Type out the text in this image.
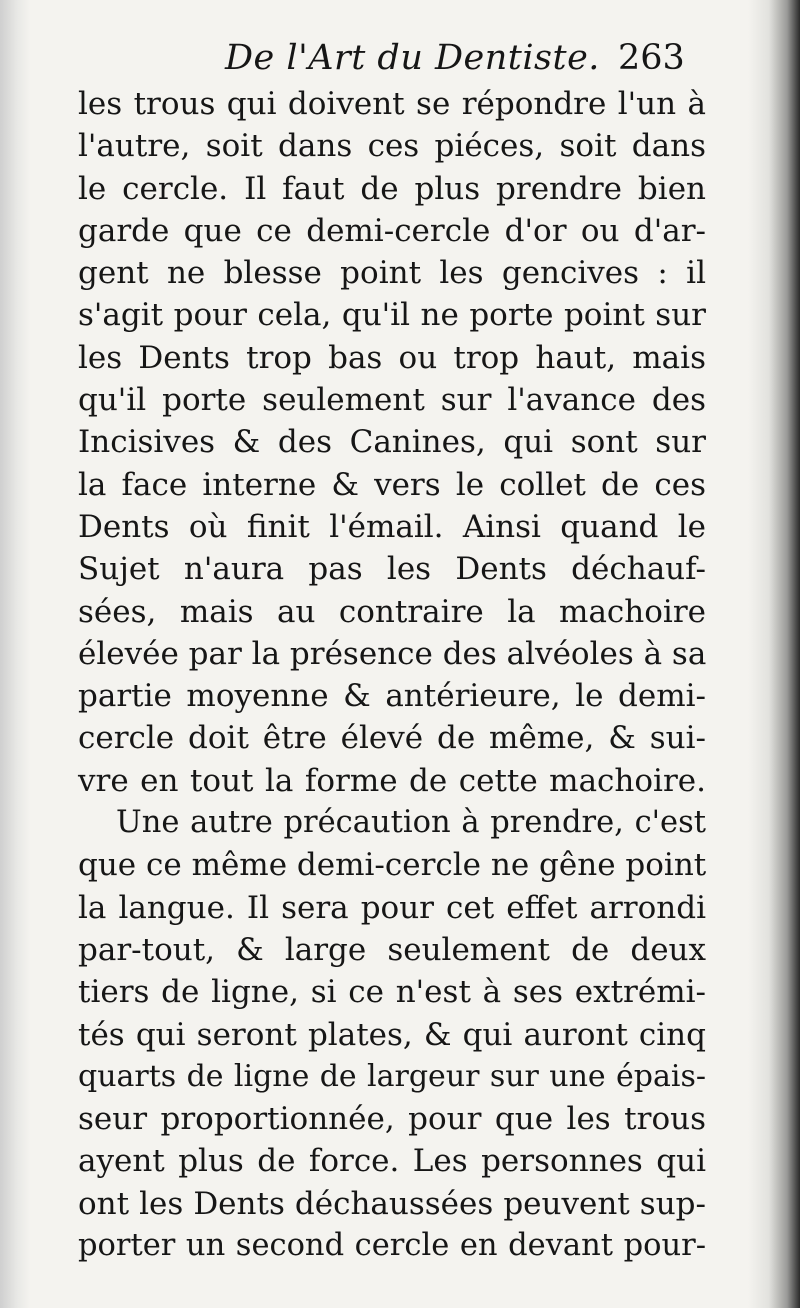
De l'Art du Dentiste. 263
les trous qui doivent se répondre l'un à
l'autre, soit dans ces piéces, soit dans
le cercle. Il faut de plus prendre bien
garde que ce demi-cercle d'or ou d'ar-
gent ne blesse point les gencives : il
s'agit pour cela, qu'il ne porte point sur
les Dents trop bas ou trop haut, mais
qu'il porte seulement sur l'avance des
Incisives & des Canines, qui sont sur
la face interne & vers le collet de ces
Dents où finit l'émail. Ainsi quand le
Sujet n'aura pas les Dents déchauf-
sées, mais au contraire la machoire
élevée par la présence des alvéoles à sa
partie moyenne & antérieure, le demi-
cercle doit être élevé de même, & sui-
vre en tout la forme de cette machoire.
Une autre précaution à prendre, c'est
que ce même demi-cercle ne gêne point
la langue. Il sera pour cet effet arrondi
par-tout, & large seulement de deux
tiers de ligne, si ce n'est à ses extrémi-
tés qui seront plates, & qui auront cinq
quarts de ligne de largeur sur une épais-
seur proportionnée, pour que les trous
ayent plus de force. Les personnes qui
ont les Dents déchaussées peuvent sup-
porter un second cercle en devant pour-
